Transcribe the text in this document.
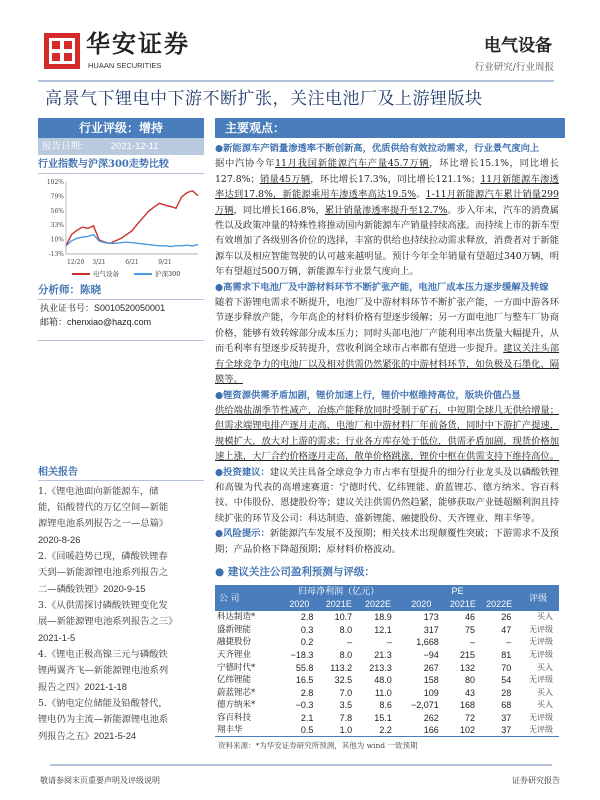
华安证券
HUAAN SECURITIES
电气设备
行业研究/行业周报
高景气下锂电中下游不断扩张，关注电池厂及上游锂版块
行业评级：增持
报告日期:	2021-12-11
行业指数与沪深300走势比较
-13%
10%
33%
56%
79%
102%
12/20 3/21	6/21	9/21
电气设备	沪深300
分析师：陈晓
执业证书号：S0010520050001
邮箱：chenxiao@hazq.com
相关报告
1.《锂电池面向新能源车，储能，铅酸替代的万亿空间—新能源锂电池系列报告之一—总篇》2020-8-26
2.《回暖趋势已现，磷酸铁锂春天到—新能源锂电池系列报告之二—磷酸铁锂》2020-9-15
3.《从供需探讨磷酸铁锂变化发展—新能源锂电池系列报告之三》2021-1-5
4.《锂电正极高镍三元与磷酸铁锂两翼齐飞—新能源锂电池系列报告之四》2021-1-18
5.《钠电定位储能及铅酸替代，锂电仍为主流—新能源锂电池系列报告之五》2021-5-24
主要观点：
●新能源车产销量渗透率不断创新高，优质供给有效拉动需求，行业景气度向上
据中汽协今年11月我国新能源汽车产量45.7万辆，环比增长15.1%，同比增长127.8%；销量45万辆，环比增长17.3%，同比增长121.1%；11月新能源车渗透率达到17.8%，新能源乘用车渗透率高达19.5%。1-11月新能源汽车累计销量299万辆，同比增长166.8%，累计销量渗透率提升至12.7%。步入年末，汽车的消费属性以及政策冲量的特殊性将推动国内新能源车产销量持续高涨。而持续上市的新车型有效增加了各级别各价位的选择，丰富的供给也持续拉动需求释放，消费者对于新能源车以及相应智能驾驶的认可越来越明显。预计今年全年销量有望超过340万辆，明年有望超过500万辆，新能源车行业景气度向上。
●高需求下电池厂及中游材料环节不断扩张产能，电池厂成本压力逐步缓解及转嫁
随着下游锂电需求不断提升，电池厂及中游材料环节不断扩张产能，一方面中游各环节逐步释放产能，今年高企的材料价格有望逐步缓解；另一方面电池厂与整车厂协商价格，能够有效转嫁部分成本压力；同时头部电池厂产能利用率出货量大幅提升，从而毛利率有望逐步反转提升，营收利润全球市占率都有望进一步提升。建议关注头部有全球竞争力的电池厂以及相对供需仍然紧张的中游材料环节，如负极及石墨化、隔膜等。
●锂资源供需矛盾加剧，锂价加速上行，锂价中枢维持高位，版块价值凸显
供给端盐湖季节性减产，冶炼产能释放同时受制于矿石，中短期全球几无供给增量；但需求端锂电排产逐月走高，电池厂和中游材料厂年前备货，同时中下游扩产提速，规模扩大，放大对上游的需求；行业各方库存处于低位，供需矛盾加剧，现货价格加速上涨，大厂合约价格逐月走高，散单价格跳涨，锂价中枢在供需支持下维持高位。
●投资建议：建议关注具备全球竞争力市占率有望提升的细分行业龙头及以磷酸铁锂和高镍为代表的高增速赛道：宁德时代、亿纬锂能、蔚蓝锂芯、德方纳米、容百科技、中伟股份、恩捷股份等；建议关注供需仍然趋紧，能够获取产业链超额利润且持续扩张的环节及公司：科达制造、盛新锂能、融捷股份、天齐锂业、翔丰华等。
●风险提示：新能源汽车发展不及预期；相关技术出现颠覆性突破；下游需求不及预期；产品价格下降超预期；原材料价格波动。
● 建议关注公司盈利预测与评级：
公 司	归母净利润（亿元）			PE			评级
	2020	2021E	2022E	2020	2021E	2022E	
科达制造*	2.8	10.7	18.9	173	46	26	买入
盛新锂能	0.3	8.0	12.1	317	75	47	无评级
融捷股份	0.2	–	–	1,668	–	–	无评级
天齐锂业	−18.3	8.0	21.3	−94	215	81	无评级
宁德时代*	55.8	113.2	213.3	267	132	70	买入
亿纬锂能	16.5	32.5	48.0	158	80	54	无评级
蔚蓝锂芯*	2.8	7.0	11.0	109	43	28	买入
德方纳米*	−0.3	3.5	8.6	−2,071	168	68	买入
容百科技	2.1	7.8	15.1	262	72	37	无评级
翔丰华	0.5	1.0	2.2	166	102	37	无评级
资料来源：*为华安证券研究所预测，其他为 wind 一致预期
敬请参阅末页重要声明及评级说明	证券研究报告
